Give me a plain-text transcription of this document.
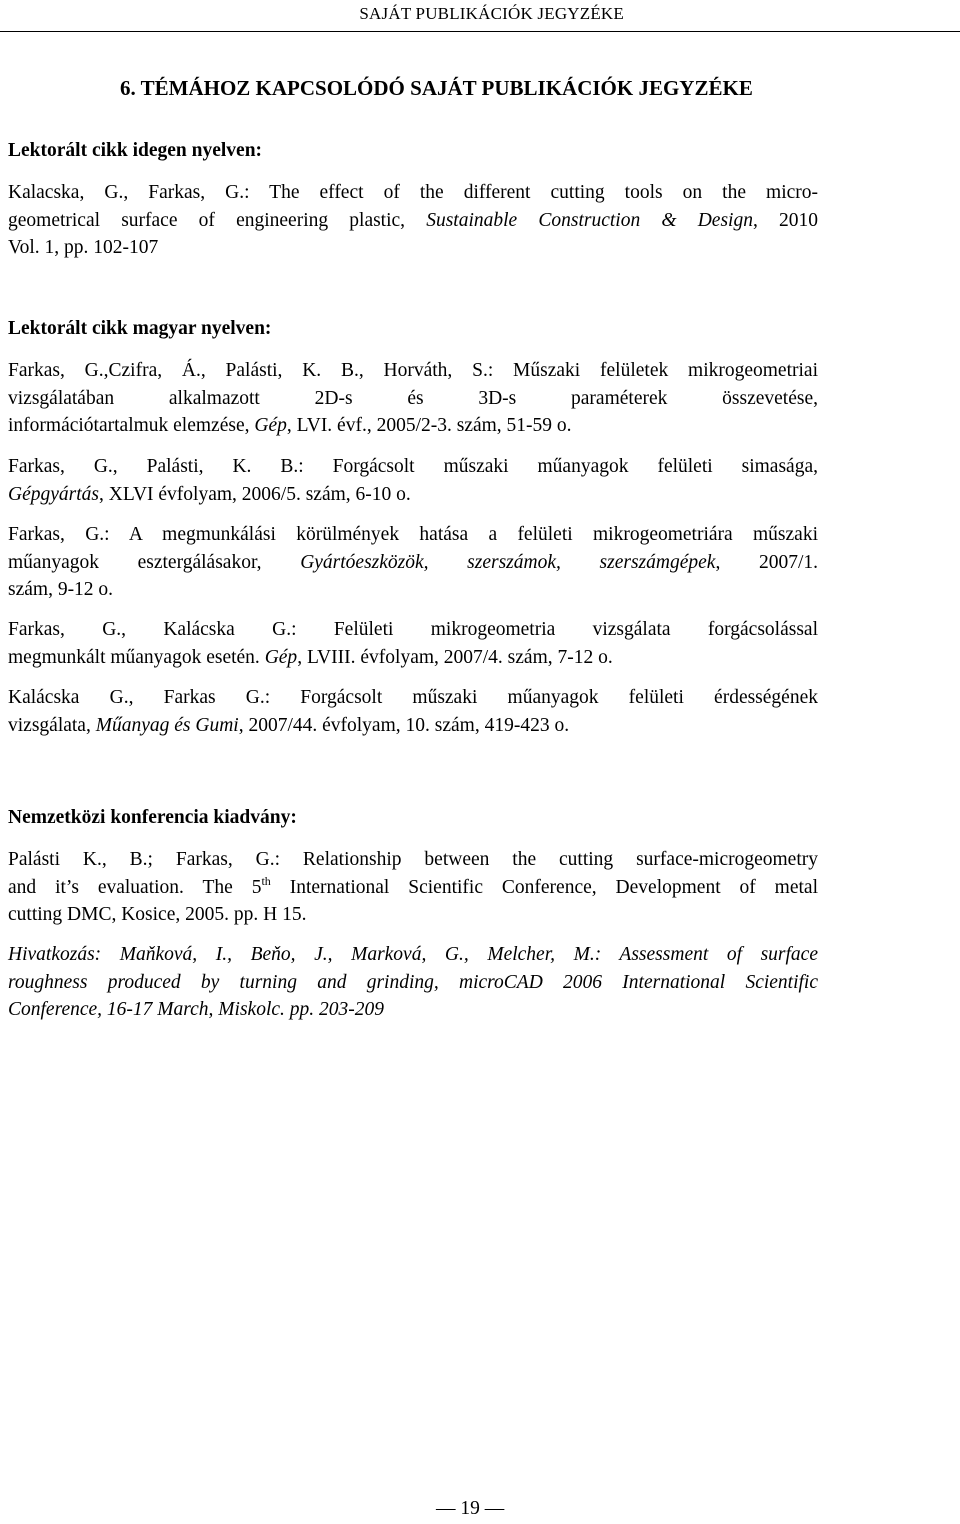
SAJÁT PUBLIKÁCIÓK JEGYZÉKE
6. TÉMÁHOZ KAPCSOLÓDÓ SAJÁT PUBLIKÁCIÓK JEGYZÉKE
Lektorált cikk idegen nyelven:
Kalacska, G., Farkas, G.: The effect of the different cutting tools on the micro-
geometrical surface of engineering plastic, Sustainable Construction & Design, 2010
Vol. 1, pp. 102-107
Lektorált cikk magyar nyelven:
Farkas, G.,Czifra, Á., Palásti, K. B., Horváth, S.: Műszaki felületek mikrogeometriai
vizsgálatában alkalmazott 2D-s és 3D-s paraméterek összevetése,
információtartalmuk elemzése, Gép, LVI. évf., 2005/2-3. szám, 51-59 o.
Farkas, G., Palásti, K. B.: Forgácsolt műszaki műanyagok felületi simasága,
Gépgyártás, XLVI évfolyam, 2006/5. szám, 6-10 o.
Farkas, G.: A megmunkálási körülmények hatása a felületi mikrogeometriára műszaki
műanyagok esztergálásakor, Gyártóeszközök, szerszámok, szerszámgépek, 2007/1.
szám, 9-12 o.
Farkas, G., Kalácska G.: Felületi mikrogeometria vizsgálata forgácsolással
megmunkált műanyagok esetén. Gép, LVIII. évfolyam, 2007/4. szám, 7-12 o.
Kalácska G., Farkas G.: Forgácsolt műszaki műanyagok felületi érdességének
vizsgálata, Műanyag és Gumi, 2007/44. évfolyam, 10. szám, 419-423 o.
Nemzetközi konferencia kiadvány:
Palásti K., B.; Farkas, G.: Relationship between the cutting surface-microgeometry
and it’s evaluation. The 5th International Scientific Conference, Development of metal
cutting DMC, Kosice, 2005. pp. H 15.
Hivatkozás: Maňková, I., Beňo, J., Marková, G., Melcher, M.: Assessment of surface
roughness produced by turning and grinding, microCAD 2006 International Scientific
Conference, 16-17 March, Miskolc. pp. 203-209
— 19 —
